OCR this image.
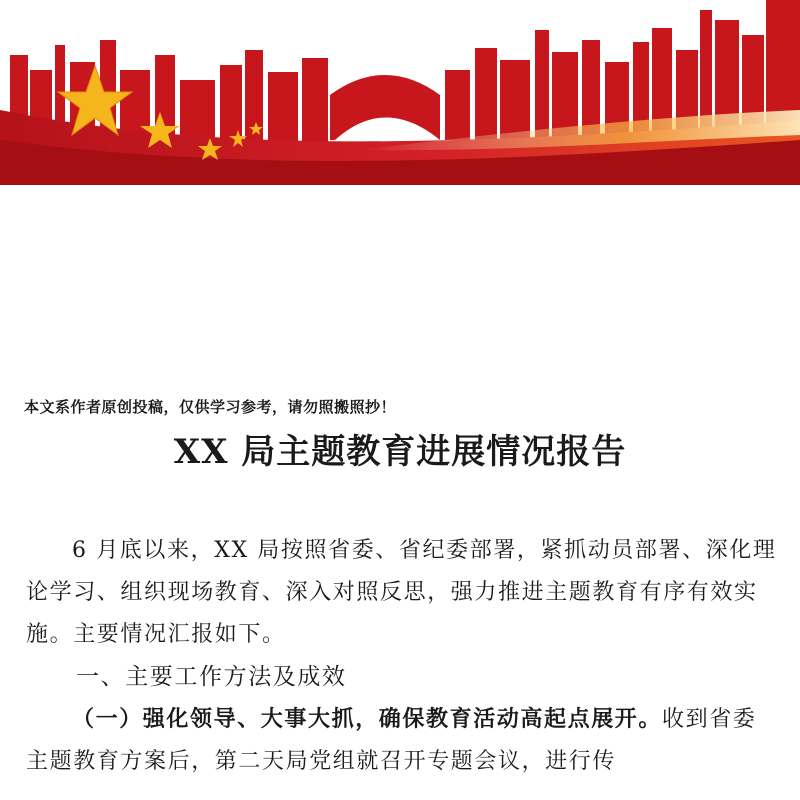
本文系作者原创投稿，仅供学习参考，请勿照搬照抄！
XX 局主题教育进展情况报告

6 月底以来，XX 局按照省委、省纪委部署，紧抓动员部署、深化理论学习、组织现场教育、深入对照反思，强力推进主题教育有序有效实施。主要情况汇报如下。

一、主要工作方法及成效

（一）强化领导、大事大抓，确保教育活动高起点展开。收到省委主题教育方案后，第二天局党组就召开专题会议，进行传
